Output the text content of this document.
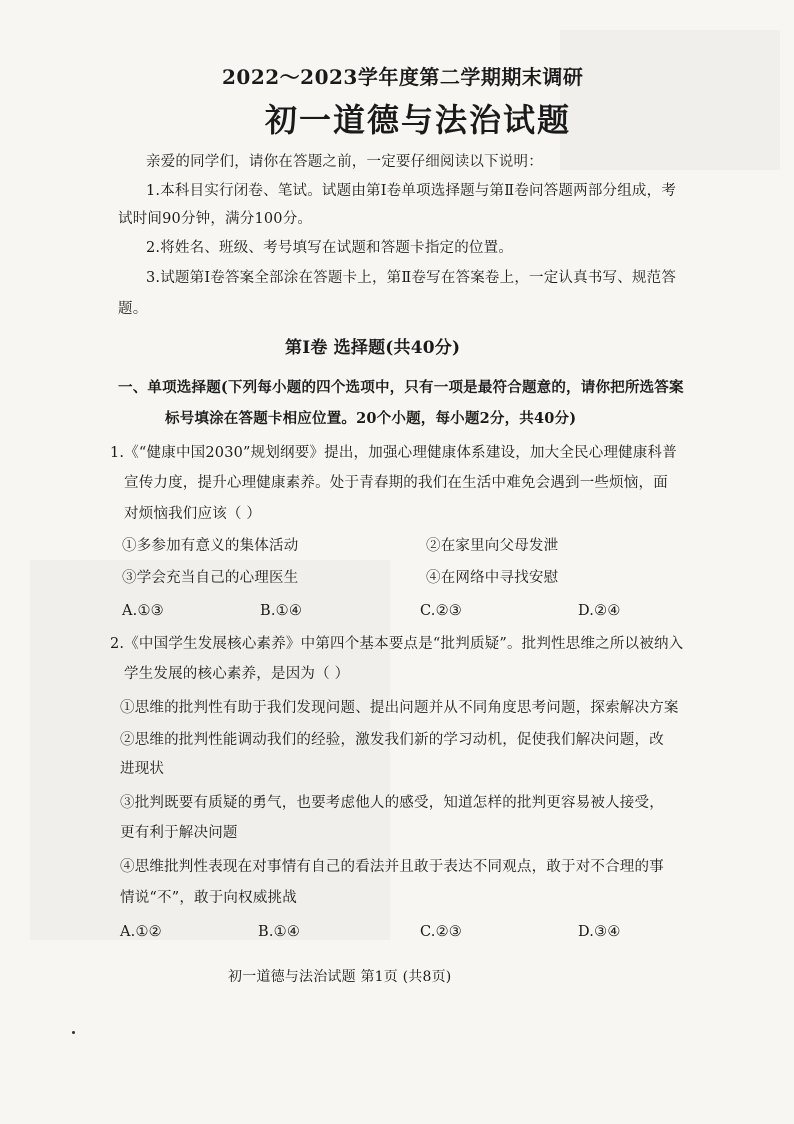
2022～2023学年度第二学期期末调研
初一道德与法治试题
亲爱的同学们，请你在答题之前，一定要仔细阅读以下说明：
1.本科目实行闭卷、笔试。试题由第Ⅰ卷单项选择题与第Ⅱ卷问答题两部分组成，考
试时间90分钟，满分100分。
2.将姓名、班级、考号填写在试题和答题卡指定的位置。
3.试题第Ⅰ卷答案全部涂在答题卡上，第Ⅱ卷写在答案卷上，一定认真书写、规范答
题。
第Ⅰ卷 选择题(共40分)
一、单项选择题(下列每小题的四个选项中，只有一项是最符合题意的，请你把所选答案
标号填涂在答题卡相应位置。20个小题，每小题2分，共40分)
1.《“健康中国2030”规划纲要》提出，加强心理健康体系建设，加大全民心理健康科普
宣传力度，提升心理健康素养。处于青春期的我们在生活中难免会遇到一些烦恼，面
对烦恼我们应该（ ）
①多参加有意义的集体活动	②在家里向父母发泄
③学会充当自己的心理医生	④在网络中寻找安慰
A.①③	B.①④	C.②③	D.②④
2.《中国学生发展核心素养》中第四个基本要点是“批判质疑”。批判性思维之所以被纳入
学生发展的核心素养，是因为（ ）
①思维的批判性有助于我们发现问题、提出问题并从不同角度思考问题，探索解决方案
②思维的批判性能调动我们的经验，激发我们新的学习动机，促使我们解决问题，改
进现状
③批判既要有质疑的勇气，也要考虑他人的感受，知道怎样的批判更容易被人接受，
更有利于解决问题
④思维批判性表现在对事情有自己的看法并且敢于表达不同观点，敢于对不合理的事
情说“不”，敢于向权威挑战
A.①②	B.①④	C.②③	D.③④
初一道德与法治试题 第1页 (共8页)
